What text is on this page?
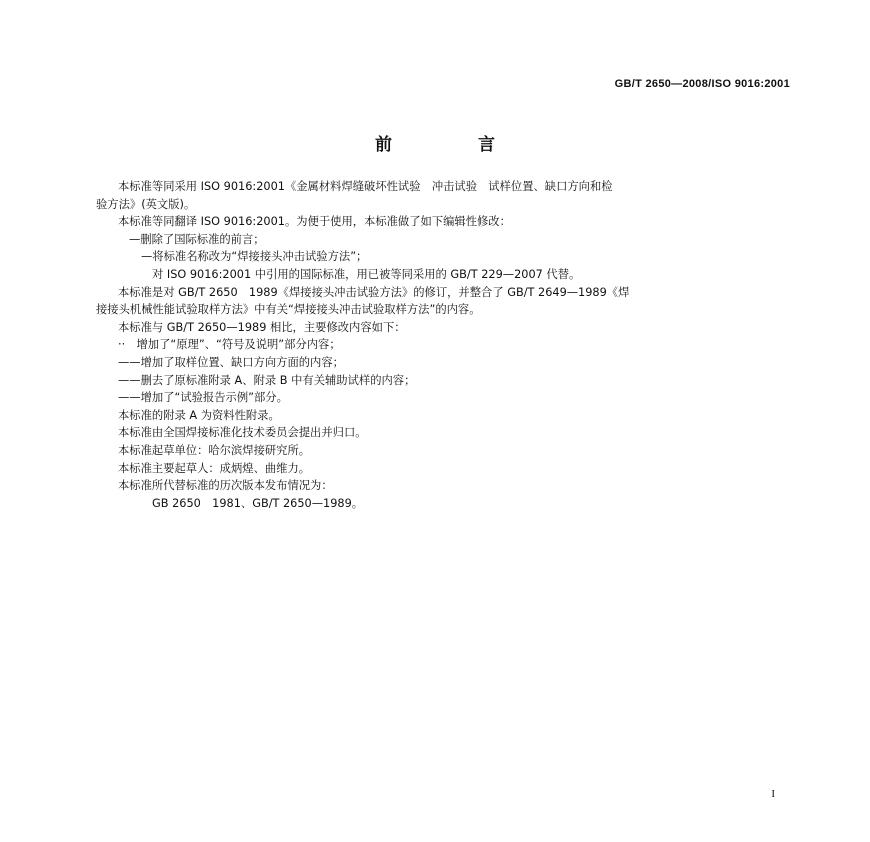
GB/T 2650—2008/ISO 9016:2001
前 言

本标准等同采用 ISO 9016:2001《金属材料焊缝破坏性试验　冲击试验　试样位置、缺口方向和检

验方法》(英文版)。

本标准等同翻译 ISO 9016:2001。为便于使用，本标准做了如下编辑性修改：

—删除了国际标准的前言；

—将标准名称改为“焊接接头冲击试验方法”；

对 ISO 9016:2001 中引用的国际标准，用已被等同采用的 GB/T 229—2007 代替。

本标准是对 GB/T 2650　1989《焊接接头冲击试验方法》的修订，并整合了 GB/T 2649—1989《焊

接接头机械性能试验取样方法》中有关“焊接接头冲击试验取样方法”的内容。

本标准与 GB/T 2650—1989 相比，主要修改内容如下：

··　增加了“原理”、“符号及说明”部分内容；

——增加了取样位置、缺口方向方面的内容；

——删去了原标准附录 A、附录 B 中有关辅助试样的内容；

——增加了“试验报告示例”部分。

本标准的附录 A 为资料性附录。

本标准由全国焊接标准化技术委员会提出并归口。

本标准起草单位：哈尔滨焊接研究所。

本标准主要起草人：成炳煌、曲维力。

本标准所代替标准的历次版本发布情况为：

GB 2650　1981、GB/T 2650—1989。

I
